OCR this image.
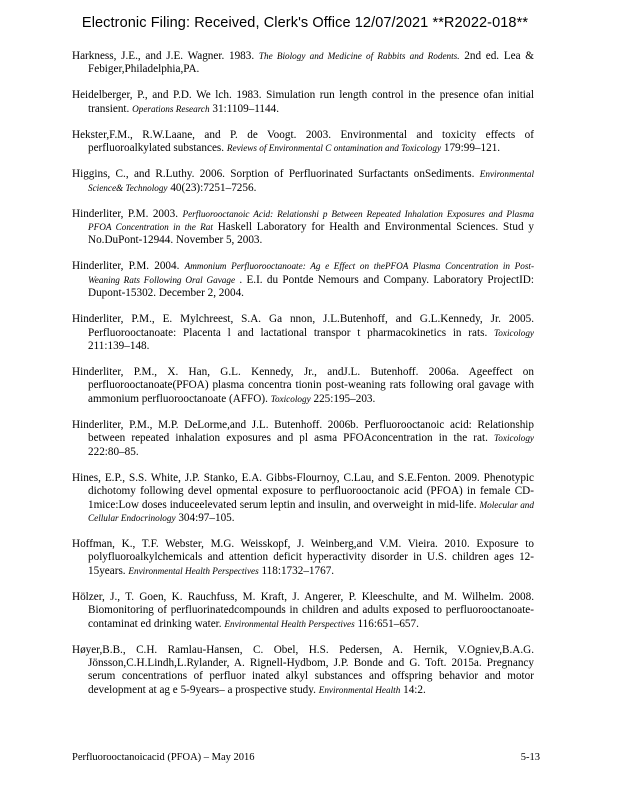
Electronic Filing: Received, Clerk's Office 12/07/2021 **R2022-018**

Harkness, J.E., and J.E. Wagner. 1983. The Biology and Medicine of Rabbits and Rodents. 2nd ed. Lea & Febiger,Philadelphia,PA.

Heidelberger, P., and P.D. We lch. 1983. Simulation run length control in the presence ofan initial transient. Operations Research 31:1109–1144.

Hekster,F.M., R.W.Laane, and P. de Voogt. 2003. Environmental and toxicity effects of perfluoroalkylated substances. Reviews of Environmental C ontamination and Toxicology 179:99–121.

Higgins, C., and R.Luthy. 2006. Sorption of Perfluorinated Surfactants onSediments. Environmental Science& Technology 40(23):7251–7256.

Hinderliter, P.M. 2003. Perfluorooctanoic Acid: Relationshi p Between Repeated Inhalation Exposures and Plasma PFOA Concentration in the Rat Haskell Laboratory for Health and Environmental Sciences. Stud y No.DuPont-12944. November 5, 2003.

Hinderliter, P.M. 2004. Ammonium Perfluorooctanoate: Ag e Effect on thePFOA Plasma Concentration in Post-Weaning Rats Following Oral Gavage . E.I. du Pontde Nemours and Company. Laboratory ProjectID: Dupont-15302. December 2, 2004.

Hinderliter, P.M., E. Mylchreest, S.A. Ga nnon, J.L.Butenhoff, and G.L.Kennedy, Jr. 2005. Perfluorooctanoate: Placenta l and lactational transpor t pharmacokinetics in rats. Toxicology 211:139–148.

Hinderliter, P.M., X. Han, G.L. Kennedy, Jr., andJ.L. Butenhoff. 2006a. Ageeffect on perfluorooctanoate(PFOA) plasma concentra tionin post-weaning rats following oral gavage with ammonium perfluorooctanoate (AFFO). Toxicology 225:195–203.

Hinderliter, P.M., M.P. DeLorme,and J.L. Butenhoff. 2006b. Perfluorooctanoic acid: Relationship between repeated inhalation exposures and pl asma PFOAconcentration in the rat. Toxicology 222:80–85.

Hines, E.P., S.S. White, J.P. Stanko, E.A. Gibbs-Flournoy, C.Lau, and S.E.Fenton. 2009. Phenotypic dichotomy following devel opmental exposure to perfluorooctanoic acid (PFOA) in female CD-1mice:Low doses induceelevated serum leptin and insulin, and overweight in mid-life. Molecular and Cellular Endocrinology 304:97–105.

Hoffman, K., T.F. Webster, M.G. Weisskopf, J. Weinberg,and V.M. Vieira. 2010. Exposure to polyfluoroalkylchemicals and attention deficit hyperactivity disorder in U.S. children ages 12-15years. Environmental Health Perspectives 118:1732–1767.

Hölzer, J., T. Goen, K. Rauchfuss, M. Kraft, J. Angerer, P. Kleeschulte, and M. Wilhelm. 2008. Biomonitoring of perfluorinatedcompounds in children and adults exposed to perfluorooctanoate-contaminat ed drinking water. Environmental Health Perspectives 116:651–657.

Høyer,B.B., C.H. Ramlau-Hansen, C. Obel, H.S. Pedersen, A. Hernik, V.Ogniev,B.A.G. Jönsson,C.H.Lindh,L.Rylander, A. Rignell-Hydbom, J.P. Bonde and G. Toft. 2015a. Pregnancy serum concentrations of perfluor inated alkyl substances and offspring behavior and motor development at ag e 5-9years– a prospective study. Environmental Health 14:2.

Perfluorooctanoicacid (PFOA) – May 2016	5-13
